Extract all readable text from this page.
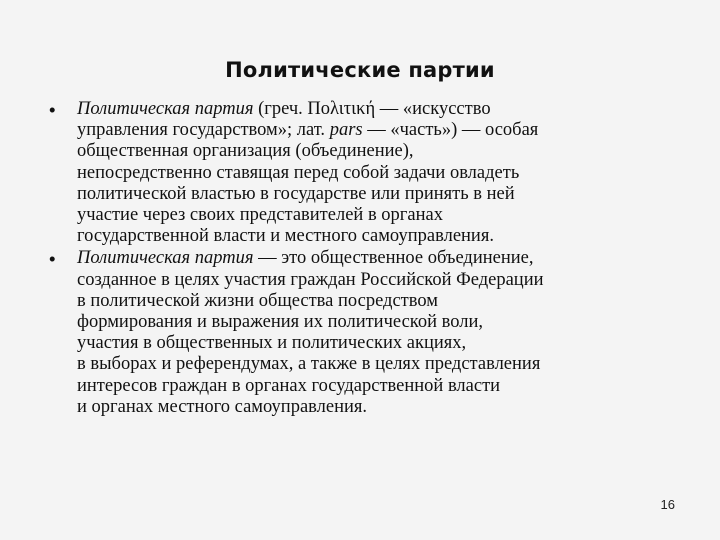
Политические партии
• Политическая партия (греч. Πολιτική — «искусство
управления государством»; лат. pars — «часть») — особая
общественная организация (объединение),
непосредственно ставящая перед собой задачи овладеть
политической властью в государстве или принять в ней
участие через своих представителей в органах
государственной власти и местного самоуправления.
• Политическая партия — это общественное объединение,
созданное в целях участия граждан Российской Федерации
в политической жизни общества посредством
формирования и выражения их политической воли,
участия в общественных и политических акциях,
в выборах и референдумах, а также в целях представления
интересов граждан в органах государственной власти
и органах местного самоуправления.
16
